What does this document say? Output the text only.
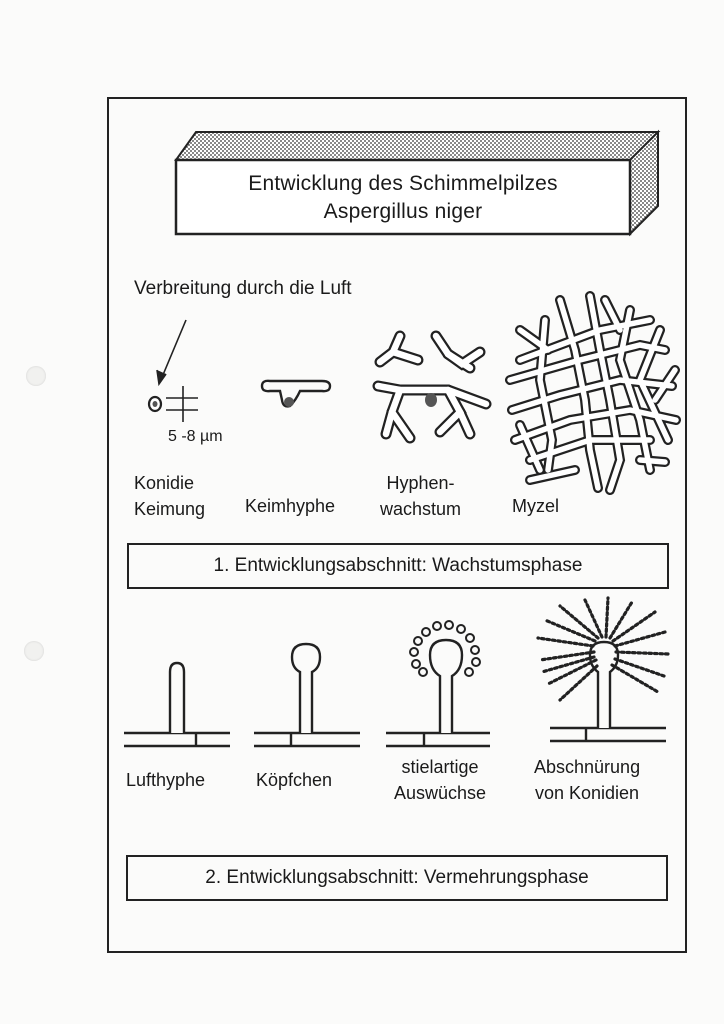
Entwicklung des Schimmelpilzes
Aspergillus niger
Verbreitung durch die Luft
5 -8 µm
Konidie
Keimung Keimhyphe
Hyphen-
wachstum	Myzel
1. Entwicklungsabschnitt: Wachstumsphase
Lufthyphe	Köpfchen
stielartige
Auswüchse
Abschnürung
von Konidien
2. Entwicklungsabschnitt: Vermehrungsphase
